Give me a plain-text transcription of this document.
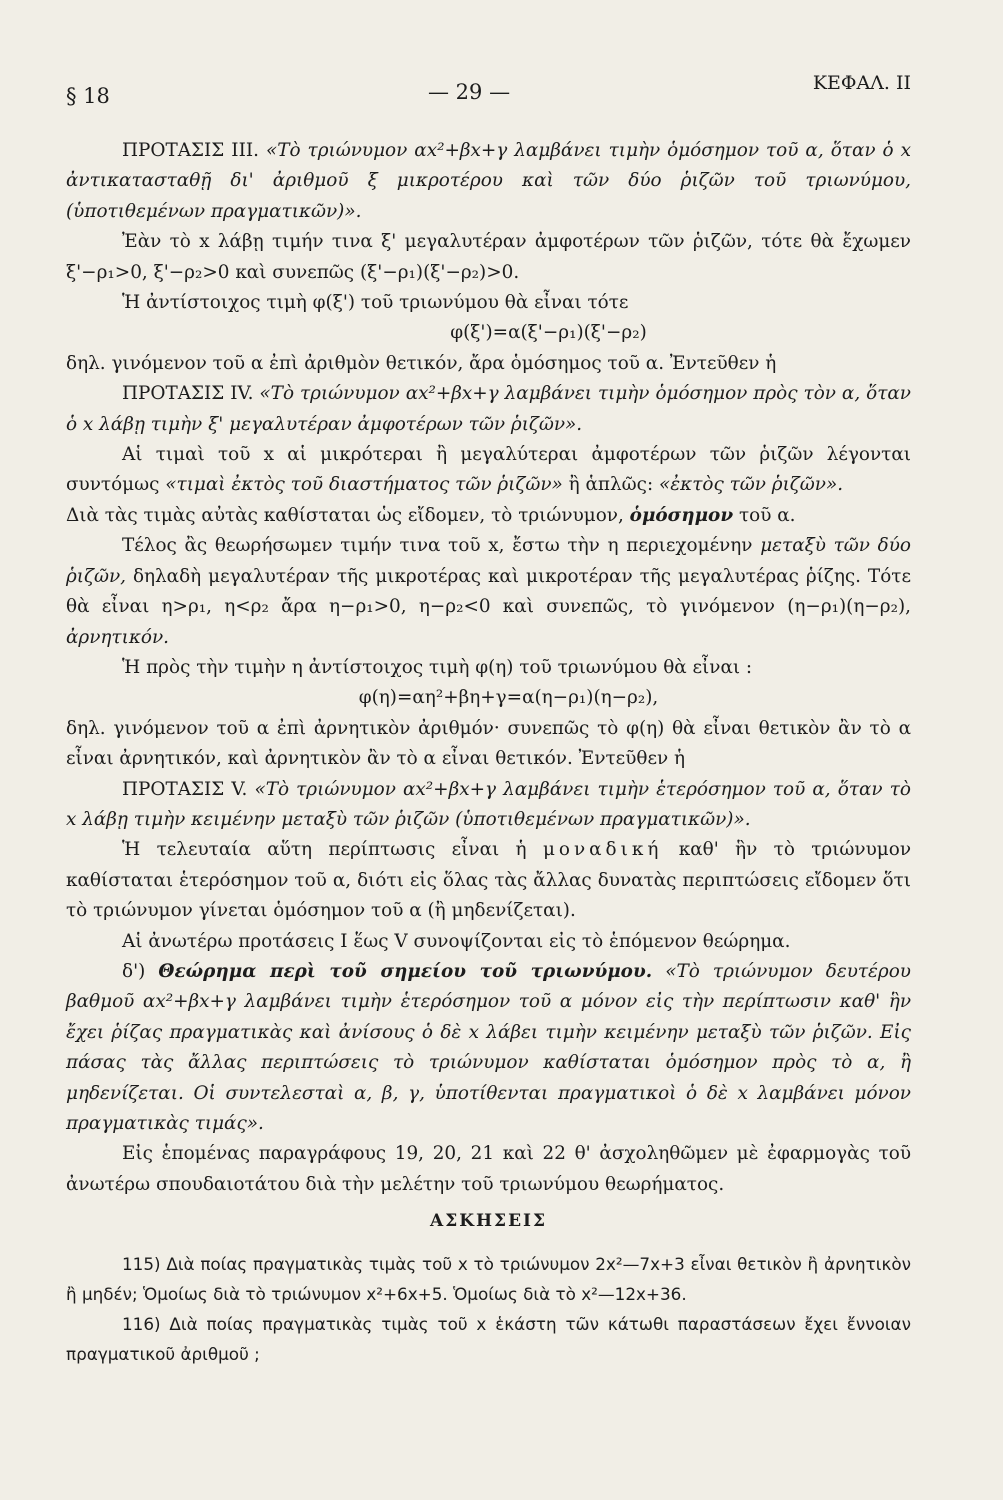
§ 18	— 29 —	ΚΕΦΑΛ. ΙΙ

ΠΡΟΤΑΣΙΣ ΙΙΙ. «Τὸ τριώνυμον αx²+βx+γ λαμβάνει τιμὴν ὁμόσημον τοῦ α, ὅταν ὁ x ἀντικατασταθῇ δι' ἀριθμοῦ ξ μικροτέρου καὶ τῶν δύο ῥιζῶν τοῦ τριωνύμου, (ὑποτιθεμένων πραγματικῶν)».

Ἐὰν τὸ x λάβῃ τιμήν τινα ξ' μεγαλυτέραν ἀμφοτέρων τῶν ῥιζῶν, τότε θὰ ἔχωμεν ξ'−ρ₁>0, ξ'−ρ₂>0 καὶ συνεπῶς (ξ'−ρ₁)(ξ'−ρ₂)>0.

Ἡ ἀντίστοιχος τιμὴ φ(ξ') τοῦ τριωνύμου θὰ εἶναι τότε

φ(ξ')=α(ξ'−ρ₁)(ξ'−ρ₂)

δηλ. γινόμενον τοῦ α ἐπὶ ἀριθμὸν θετικόν, ἄρα ὁμόσημος τοῦ α. Ἐντεῦθεν ἡ

ΠΡΟΤΑΣΙΣ ΙV. «Τὸ τριώνυμον αx²+βx+γ λαμβάνει τιμὴν ὁμόσημον πρὸς τὸν α, ὅταν ὁ x λάβῃ τιμὴν ξ' μεγαλυτέραν ἀμφοτέρων τῶν ῥιζῶν».

Αἱ τιμαὶ τοῦ x αἱ μικρότεραι ἢ μεγαλύτεραι ἀμφοτέρων τῶν ῥιζῶν λέγονται συντόμως «τιμαὶ ἐκτὸς τοῦ διαστήματος τῶν ῥιζῶν» ἢ ἁπλῶς: «ἐκτὸς τῶν ῥιζῶν».

Διὰ τὰς τιμὰς αὐτὰς καθίσταται ὡς εἴδομεν, τὸ τριώνυμον, ὁμόσημον τοῦ α.

Τέλος ἂς θεωρήσωμεν τιμήν τινα τοῦ x, ἔστω τὴν η περιεχομένην μεταξὺ τῶν δύο ῥιζῶν, δηλαδὴ μεγαλυτέραν τῆς μικροτέρας καὶ μικροτέραν τῆς μεγαλυτέρας ῥίζης. Τότε θὰ εἶναι η>ρ₁, η<ρ₂ ἄρα η−ρ₁>0, η−ρ₂<0 καὶ συνεπῶς, τὸ γινόμενον (η−ρ₁)(η−ρ₂), ἀρνητικόν.

Ἡ πρὸς τὴν τιμὴν η ἀντίστοιχος τιμὴ φ(η) τοῦ τριωνύμου θὰ εἶναι :

φ(η)=αη²+βη+γ=α(η−ρ₁)(η−ρ₂),

δηλ. γινόμενον τοῦ α ἐπὶ ἀρνητικὸν ἀριθμόν· συνεπῶς τὸ φ(η) θὰ εἶναι θετικὸν ἂν τὸ α εἶναι ἀρνητικόν, καὶ ἀρνητικὸν ἂν τὸ α εἶναι θετικόν. Ἐντεῦθεν ἡ

ΠΡΟΤΑΣΙΣ V. «Τὸ τριώνυμον αx²+βx+γ λαμβάνει τιμὴν ἑτερόσημον τοῦ α, ὅταν τὸ x λάβῃ τιμὴν κειμένην μεταξὺ τῶν ῥιζῶν (ὑποτιθεμένων πραγματικῶν)».

Ἡ τελευταία αὕτη περίπτωσις εἶναι ἡ μοναδική καθ' ἣν τὸ τριώνυμον καθίσταται ἑτερόσημον τοῦ α, διότι εἰς ὅλας τὰς ἄλλας δυνατὰς περιπτώσεις εἴδομεν ὅτι τὸ τριώνυμον γίνεται ὁμόσημον τοῦ α (ἢ μηδενίζεται).

Αἱ ἀνωτέρω προτάσεις Ι ἕως V συνοψίζονται εἰς τὸ ἑπόμενον θεώρημα.

δ') Θεώρημα περὶ τοῦ σημείου τοῦ τριωνύμου. «Τὸ τριώνυμον δευτέρου βαθμοῦ αx²+βx+γ λαμβάνει τιμὴν ἑτερόσημον τοῦ α μόνον εἰς τὴν περίπτωσιν καθ' ἣν ἔχει ῥίζας πραγματικὰς καὶ ἀνίσους ὁ δὲ x λάβει τιμὴν κειμένην μεταξὺ τῶν ῥιζῶν. Εἰς πάσας τὰς ἄλλας περιπτώσεις τὸ τριώνυμον καθίσταται ὁμόσημον πρὸς τὸ α, ἢ μηδενίζεται. Οἱ συντελεσταὶ α, β, γ, ὑποτίθενται πραγματικοὶ ὁ δὲ x λαμβάνει μόνον πραγματικὰς τιμάς».

Εἰς ἑπομένας παραγράφους 19, 20, 21 καὶ 22 θ' ἀσχοληθῶμεν μὲ ἐφαρμογὰς τοῦ ἀνωτέρω σπουδαιοτάτου διὰ τὴν μελέτην τοῦ τριωνύμου θεωρήματος.

ΑΣΚΗΣΕΙΣ

115) Διὰ ποίας πραγματικὰς τιμὰς τοῦ x τὸ τριώνυμον 2x²—7x+3 εἶναι θετικὸν ἢ ἀρνητικὸν ἢ μηδέν; Ὁμοίως διὰ τὸ τριώνυμον x²+6x+5. Ὁμοίως διὰ τὸ x²—12x+36.

116) Διὰ ποίας πραγματικὰς τιμὰς τοῦ x ἑκάστη τῶν κάτωθι παραστάσεων ἔχει ἔννοιαν πραγματικοῦ ἀριθμοῦ ;
